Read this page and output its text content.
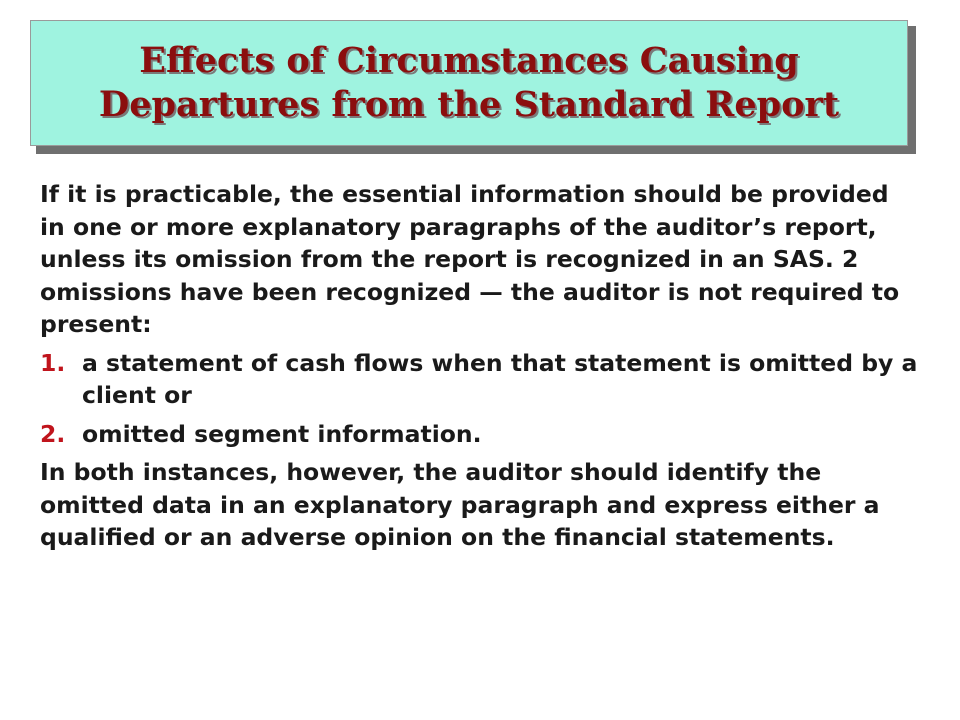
Effects of Circumstances Causing
Departures from the Standard Report

If it is practicable, the essential information should be provided in one or more explanatory paragraphs of the auditor’s report, unless its omission from the report is recognized in an SAS. 2 omissions have been recognized — the auditor is not required to present:

1. a statement of cash flows when that statement is omitted by a client or
2. omitted segment information.

In both instances, however, the auditor should identify the omitted data in an explanatory paragraph and express either a qualified or an adverse opinion on the financial statements.
